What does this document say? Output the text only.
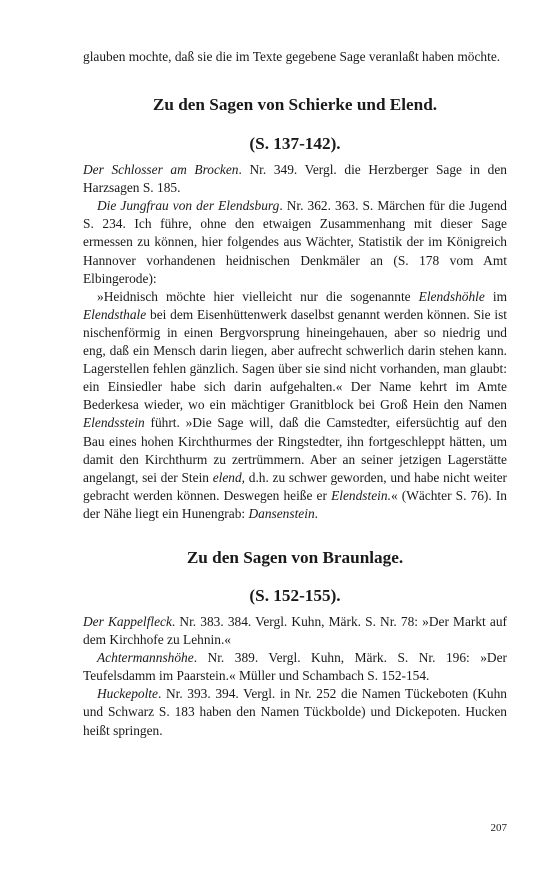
glauben mochte, daß sie die im Texte gegebene Sage veranlaßt haben möchte.

Zu den Sagen von Schierke und Elend.
(S. 137-142).

Der Schlosser am Brocken. Nr. 349. Vergl. die Herzberger Sage in den Harzsagen S. 185.

Die Jungfrau von der Elendsburg. Nr. 362. 363. S. Märchen für die Jugend S. 234. Ich führe, ohne den etwaigen Zusammenhang mit dieser Sage ermessen zu können, hier folgendes aus Wächter, Statistik der im Königreich Hannover vorhandenen heidnischen Denkmäler an (S. 178 vom Amt Elbingerode):

»Heidnisch möchte hier vielleicht nur die sogenannte Elendshöhle im Elendsthale bei dem Eisenhüttenwerk daselbst genannt werden können. Sie ist nischenförmig in einen Bergvorsprung hineingehauen, aber so niedrig und eng, daß ein Mensch darin liegen, aber aufrecht schwerlich darin stehen kann. Lagerstellen fehlen gänzlich. Sagen über sie sind nicht vorhanden, man glaubt: ein Einsiedler habe sich darin aufgehalten.« Der Name kehrt im Amte Bederkesa wieder, wo ein mächtiger Granitblock bei Groß Hein den Namen Elendsstein führt. »Die Sage will, daß die Camstedter, eifersüchtig auf den Bau eines hohen Kirchthurmes der Ringstedter, ihn fortgeschleppt hätten, um damit den Kirchthurm zu zertrümmern. Aber an seiner jetzigen Lagerstätte angelangt, sei der Stein elend, d.h. zu schwer geworden, und habe nicht weiter gebracht werden können. Deswegen heiße er Elendstein.« (Wächter S. 76). In der Nähe liegt ein Hunengrab: Dansenstein.

Zu den Sagen von Braunlage.
(S. 152-155).

Der Kappelfleck. Nr. 383. 384. Vergl. Kuhn, Märk. S. Nr. 78: »Der Markt auf dem Kirchhofe zu Lehnin.«

Achtermannshöhe. Nr. 389. Vergl. Kuhn, Märk. S. Nr. 196: »Der Teufelsdamm im Paarstein.« Müller und Schambach S. 152-154.

Huckepolte. Nr. 393. 394. Vergl. in Nr. 252 die Namen Tückeboten (Kuhn und Schwarz S. 183 haben den Namen Tückbolde) und Dickepoten. Hucken heißt springen.

207
